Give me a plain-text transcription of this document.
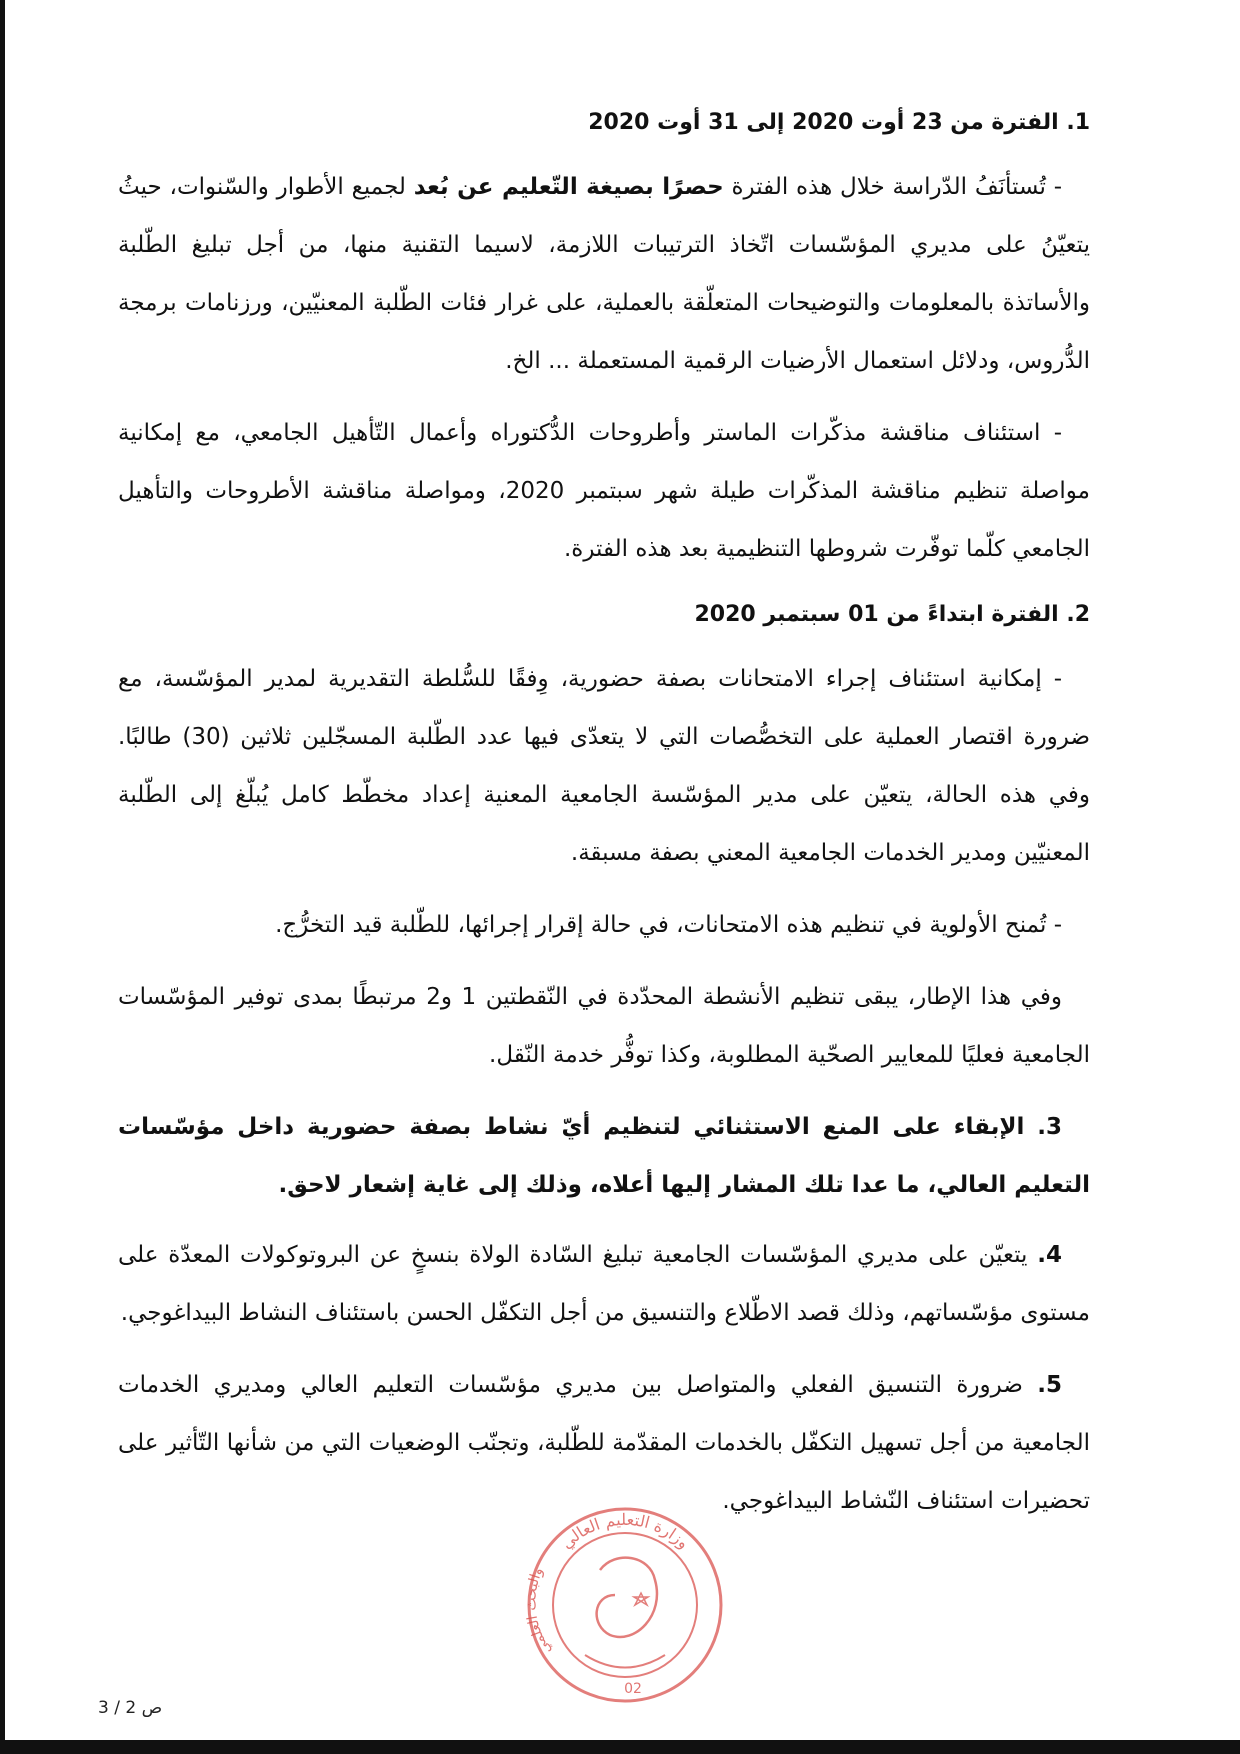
1. الفترة من 23 أوت 2020 إلى 31 أوت 2020

- تُستأنَفُ الدّراسة خلال هذه الفترة حصرًا بصيغة التّعليم عن بُعد لجميع الأطوار والسّنوات، حيثُ يتعيّنُ على مديري المؤسّسات اتّخاذ الترتيبات اللازمة، لاسيما التقنية منها، من أجل تبليغ الطّلبة والأساتذة بالمعلومات والتوضيحات المتعلّقة بالعملية، على غرار فئات الطّلبة المعنيّين، ورزنامات برمجة الدُّروس، ودلائل استعمال الأرضيات الرقمية المستعملة ... الخ.

- استئناف مناقشة مذكّرات الماستر وأطروحات الدُّكتوراه وأعمال التّأهيل الجامعي، مع إمكانية مواصلة تنظيم مناقشة المذكّرات طيلة شهر سبتمبر 2020، ومواصلة مناقشة الأطروحات والتأهيل الجامعي كلّما توفّرت شروطها التنظيمية بعد هذه الفترة.

2. الفترة ابتداءً من 01 سبتمبر 2020

- إمكانية استئناف إجراء الامتحانات بصفة حضورية، وِفقًا للسُّلطة التقديرية لمدير المؤسّسة، مع ضرورة اقتصار العملية على التخصُّصات التي لا يتعدّى فيها عدد الطّلبة المسجّلين ثلاثين (30) طالبًا. وفي هذه الحالة، يتعيّن على مدير المؤسّسة الجامعية المعنية إعداد مخطّط كامل يُبلّغ إلى الطّلبة المعنيّين ومدير الخدمات الجامعية المعني بصفة مسبقة.

- تُمنح الأولوية في تنظيم هذه الامتحانات، في حالة إقرار إجرائها، للطّلبة قيد التخرُّج.

وفي هذا الإطار، يبقى تنظيم الأنشطة المحدّدة في النّقطتين 1 و2 مرتبطًا بمدى توفير المؤسّسات الجامعية فعليًا للمعايير الصحّية المطلوبة، وكذا توفُّر خدمة النّقل.

3. الإبقاء على المنع الاستثنائي لتنظيم أيّ نشاط بصفة حضورية داخل مؤسّسات التعليم العالي، ما عدا تلك المشار إليها أعلاه، وذلك إلى غاية إشعار لاحق.

4. يتعيّن على مديري المؤسّسات الجامعية تبليغ السّادة الولاة بنسخٍ عن البروتوكولات المعدّة على مستوى مؤسّساتهم، وذلك قصد الاطّلاع والتنسيق من أجل التكفّل الحسن باستئناف النشاط البيداغوجي.

5. ضرورة التنسيق الفعلي والمتواصل بين مديري مؤسّسات التعليم العالي ومديري الخدمات الجامعية من أجل تسهيل التكفّل بالخدمات المقدّمة للطّلبة، وتجنّب الوضعيات التي من شأنها التّأثير على تحضيرات استئناف النّشاط البيداغوجي.

وزارة التعليم العالي
والبحث العلمي
02
ص 2 / 3
